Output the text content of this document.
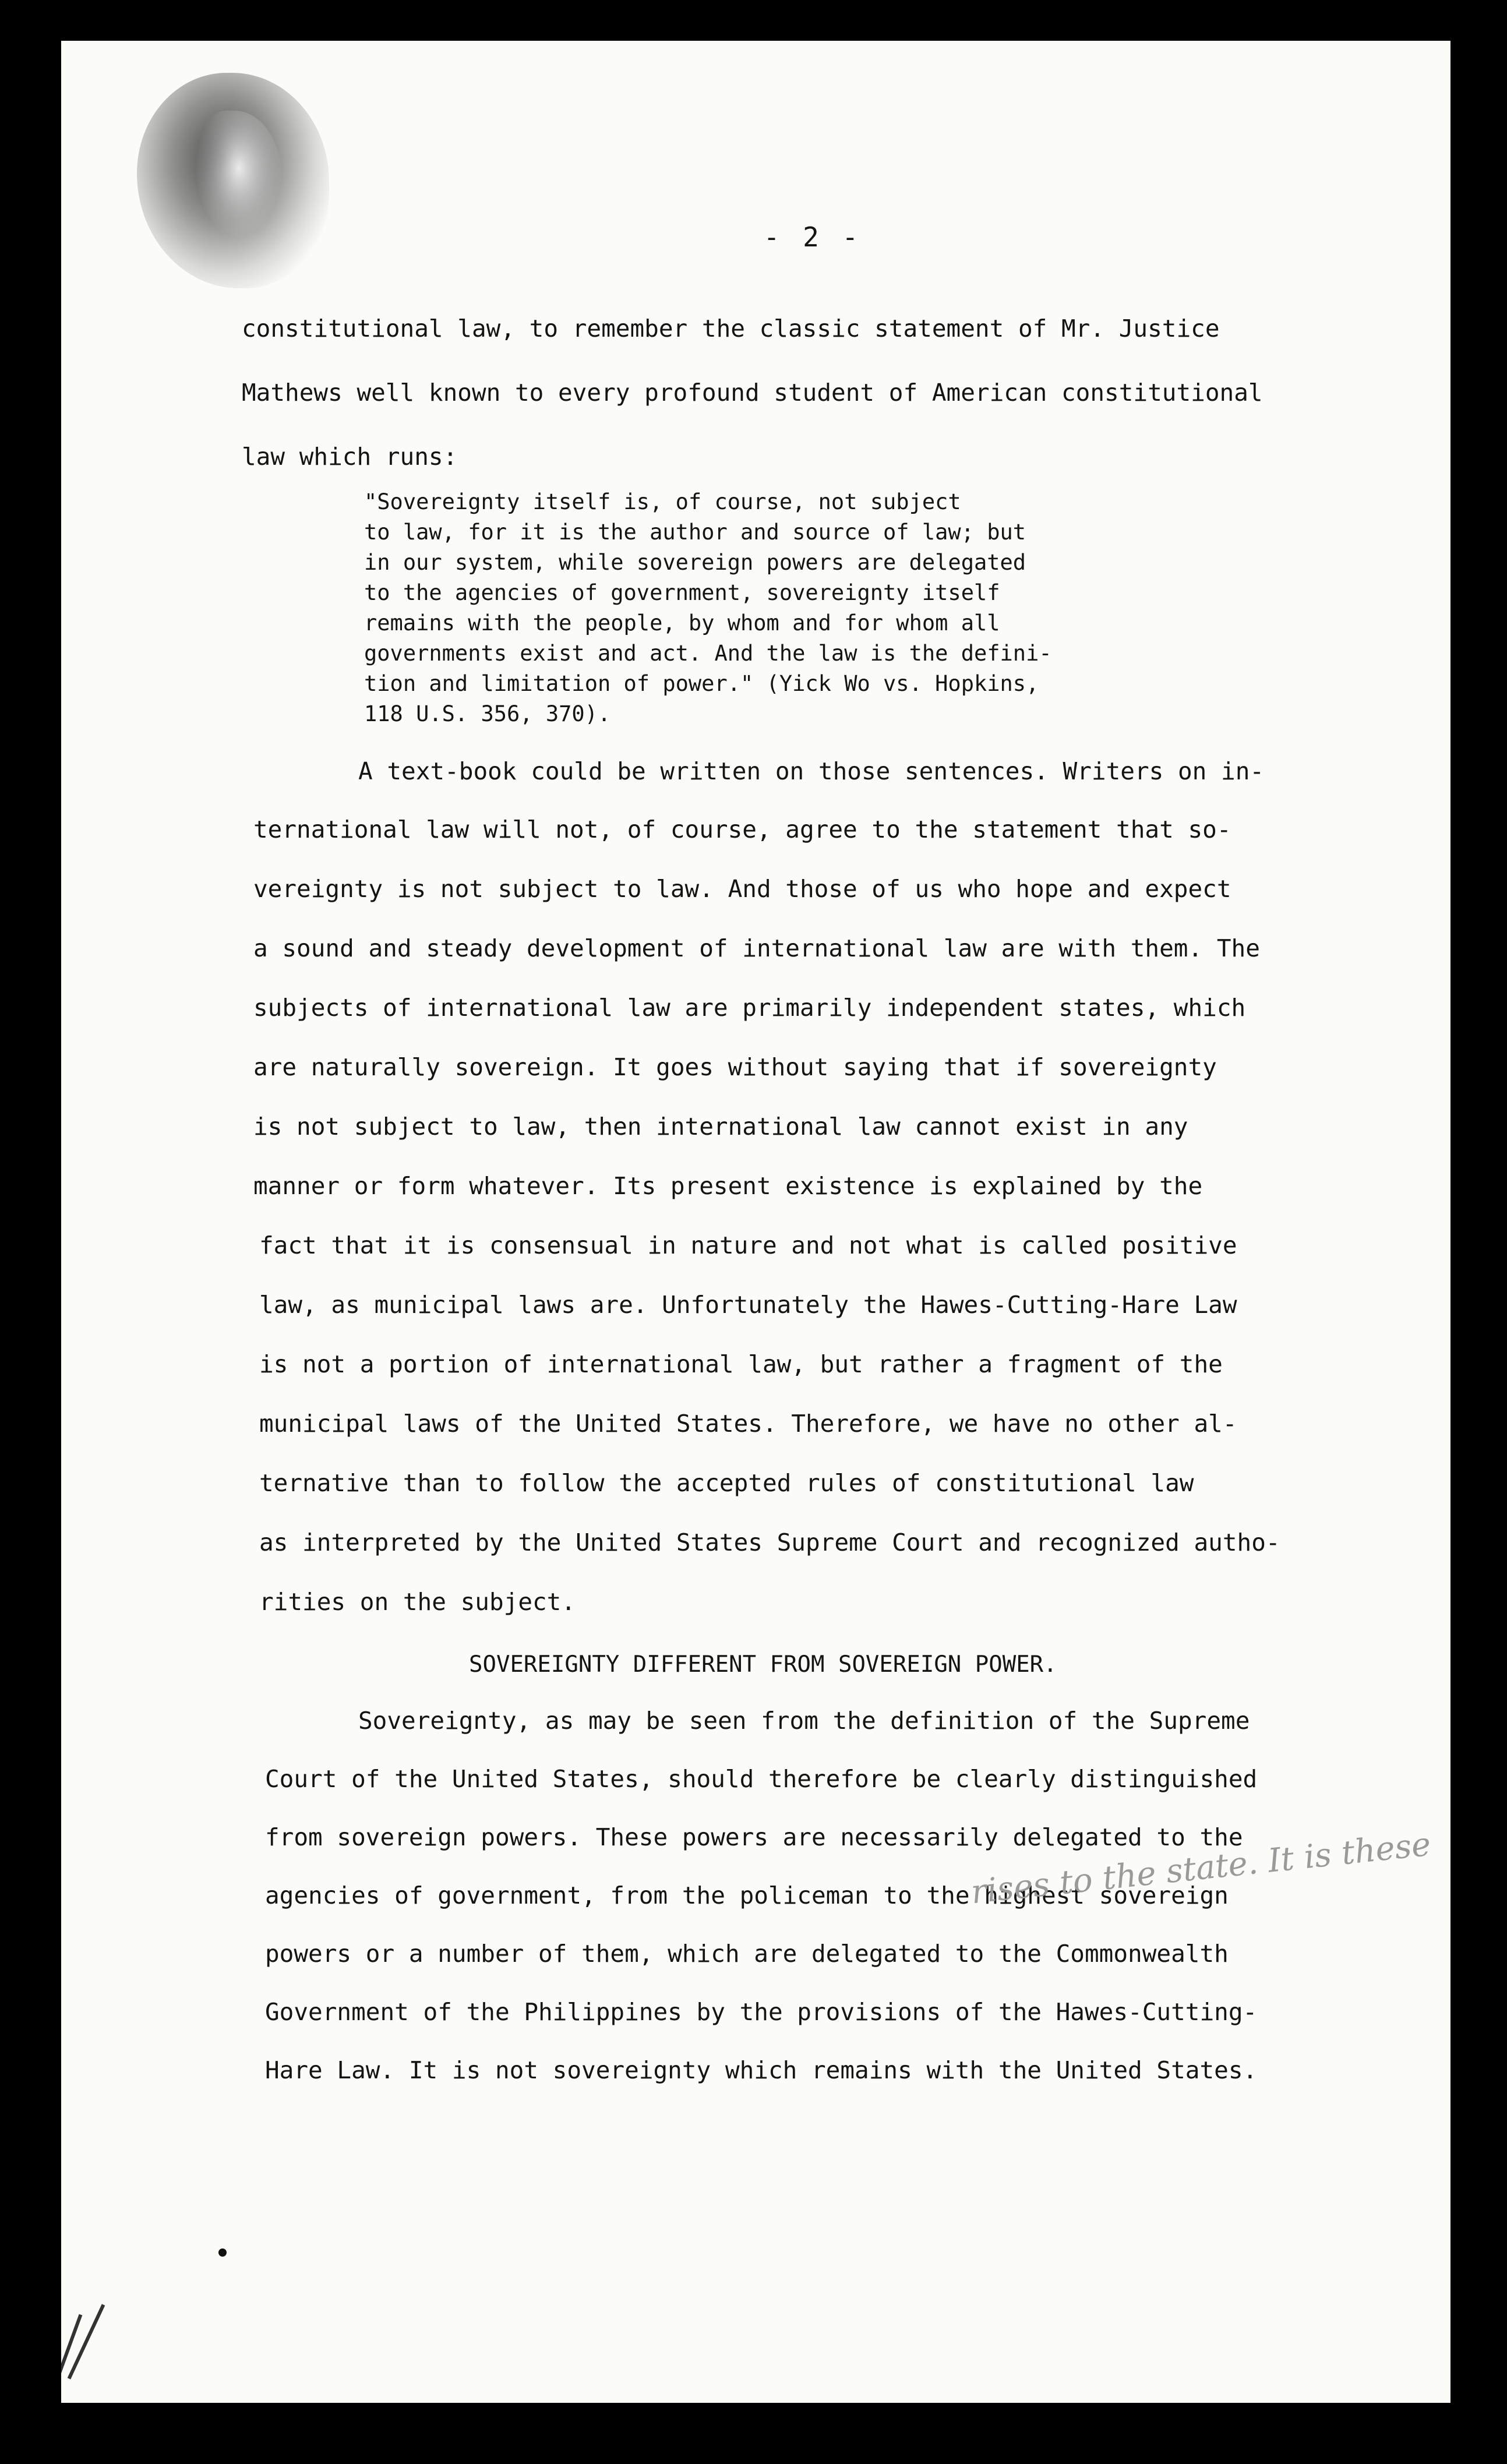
- 2 -
constitutional law, to remember the classic statement of Mr. Justice
Mathews well known to every profound student of American constitutional
law which runs:
"Sovereignty itself is, of course, not subject
to law, for it is the author and source of law; but
in our system, while sovereign powers are delegated
to the agencies of government, sovereignty itself
remains with the people, by whom and for whom all
governments exist and act. And the law is the defini-
tion and limitation of power." (Yick Wo vs. Hopkins,
118 U.S. 356, 370).
A text-book could be written on those sentences. Writers on in-
ternational law will not, of course, agree to the statement that so-
vereignty is not subject to law. And those of us who hope and expect
a sound and steady development of international law are with them. The
subjects of international law are primarily independent states, which
are naturally sovereign. It goes without saying that if sovereignty
is not subject to law, then international law cannot exist in any
manner or form whatever. Its present existence is explained by the
fact that it is consensual in nature and not what is called positive
law, as municipal laws are. Unfortunately the Hawes-Cutting-Hare Law
is not a portion of international law, but rather a fragment of the
municipal laws of the United States. Therefore, we have no other al-
ternative than to follow the accepted rules of constitutional law
as interpreted by the United States Supreme Court and recognized autho-
rities on the subject.
SOVEREIGNTY DIFFERENT FROM SOVEREIGN POWER.
Sovereignty, as may be seen from the definition of the Supreme
Court of the United States, should therefore be clearly distinguished
from sovereign powers. These powers are necessarily delegated to the
agencies of government, from the policeman to the highest sovereign
powers or a number of them, which are delegated to the Commonwealth
Government of the Philippines by the provisions of the Hawes-Cutting-
Hare Law. It is not sovereignty which remains with the United States.
rises to the state. It is these
